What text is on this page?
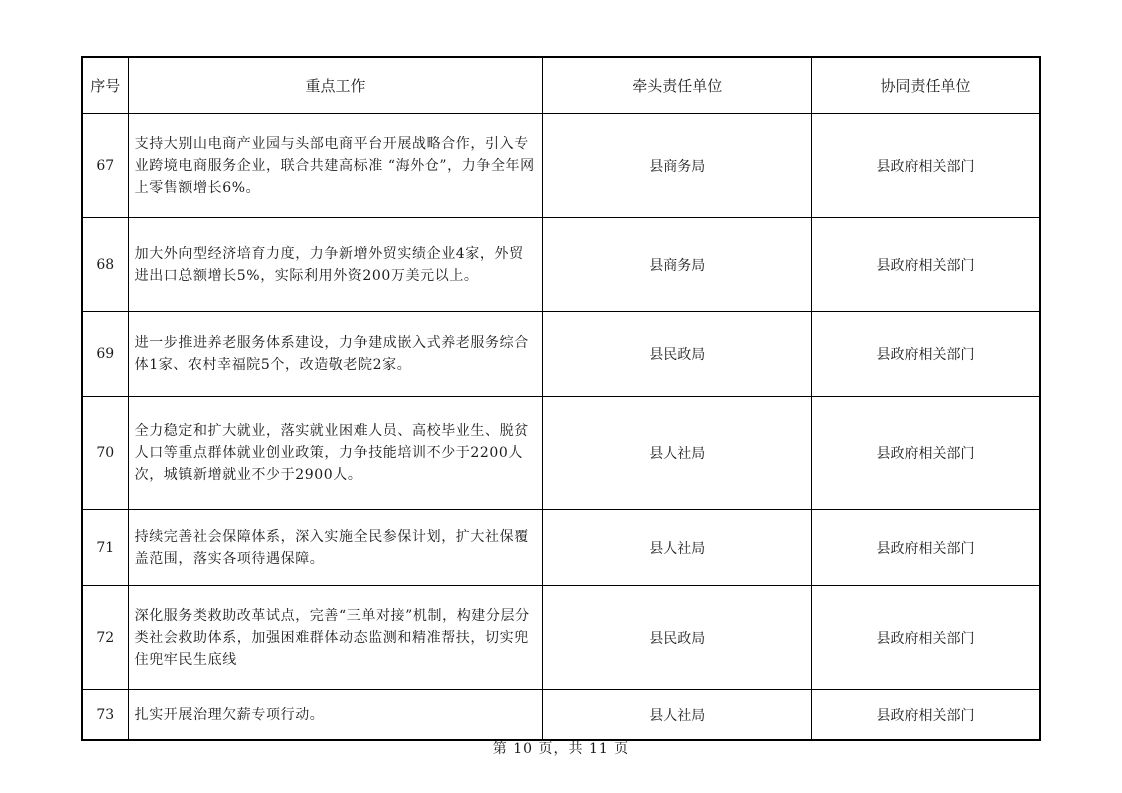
序号	重点工作	牵头责任单位	协同责任单位
67	支持大别山电商产业园与头部电商平台开展战略合作，引入专业跨境电商服务企业，联合共建高标准 “海外仓”，力争全年网上零售额增长6%。	县商务局	县政府相关部门
68	加大外向型经济培育力度，力争新增外贸实绩企业4家，外贸进出口总额增长5%，实际利用外资200万美元以上。	县商务局	县政府相关部门
69	进一步推进养老服务体系建设，力争建成嵌入式养老服务综合体1家、农村幸福院5个，改造敬老院2家。	县民政局	县政府相关部门
70	全力稳定和扩大就业，落实就业困难人员、高校毕业生、脱贫人口等重点群体就业创业政策，力争技能培训不少于2200人次，城镇新增就业不少于2900人。	县人社局	县政府相关部门
71	持续完善社会保障体系，深入实施全民参保计划，扩大社保覆盖范围，落实各项待遇保障。	县人社局	县政府相关部门
72	深化服务类救助改革试点，完善“三单对接”机制，构建分层分类社会救助体系，加强困难群体动态监测和精准帮扶，切实兜住兜牢民生底线	县民政局	县政府相关部门
73	扎实开展治理欠薪专项行动。	县人社局	县政府相关部门
第 10 页，共 11 页
